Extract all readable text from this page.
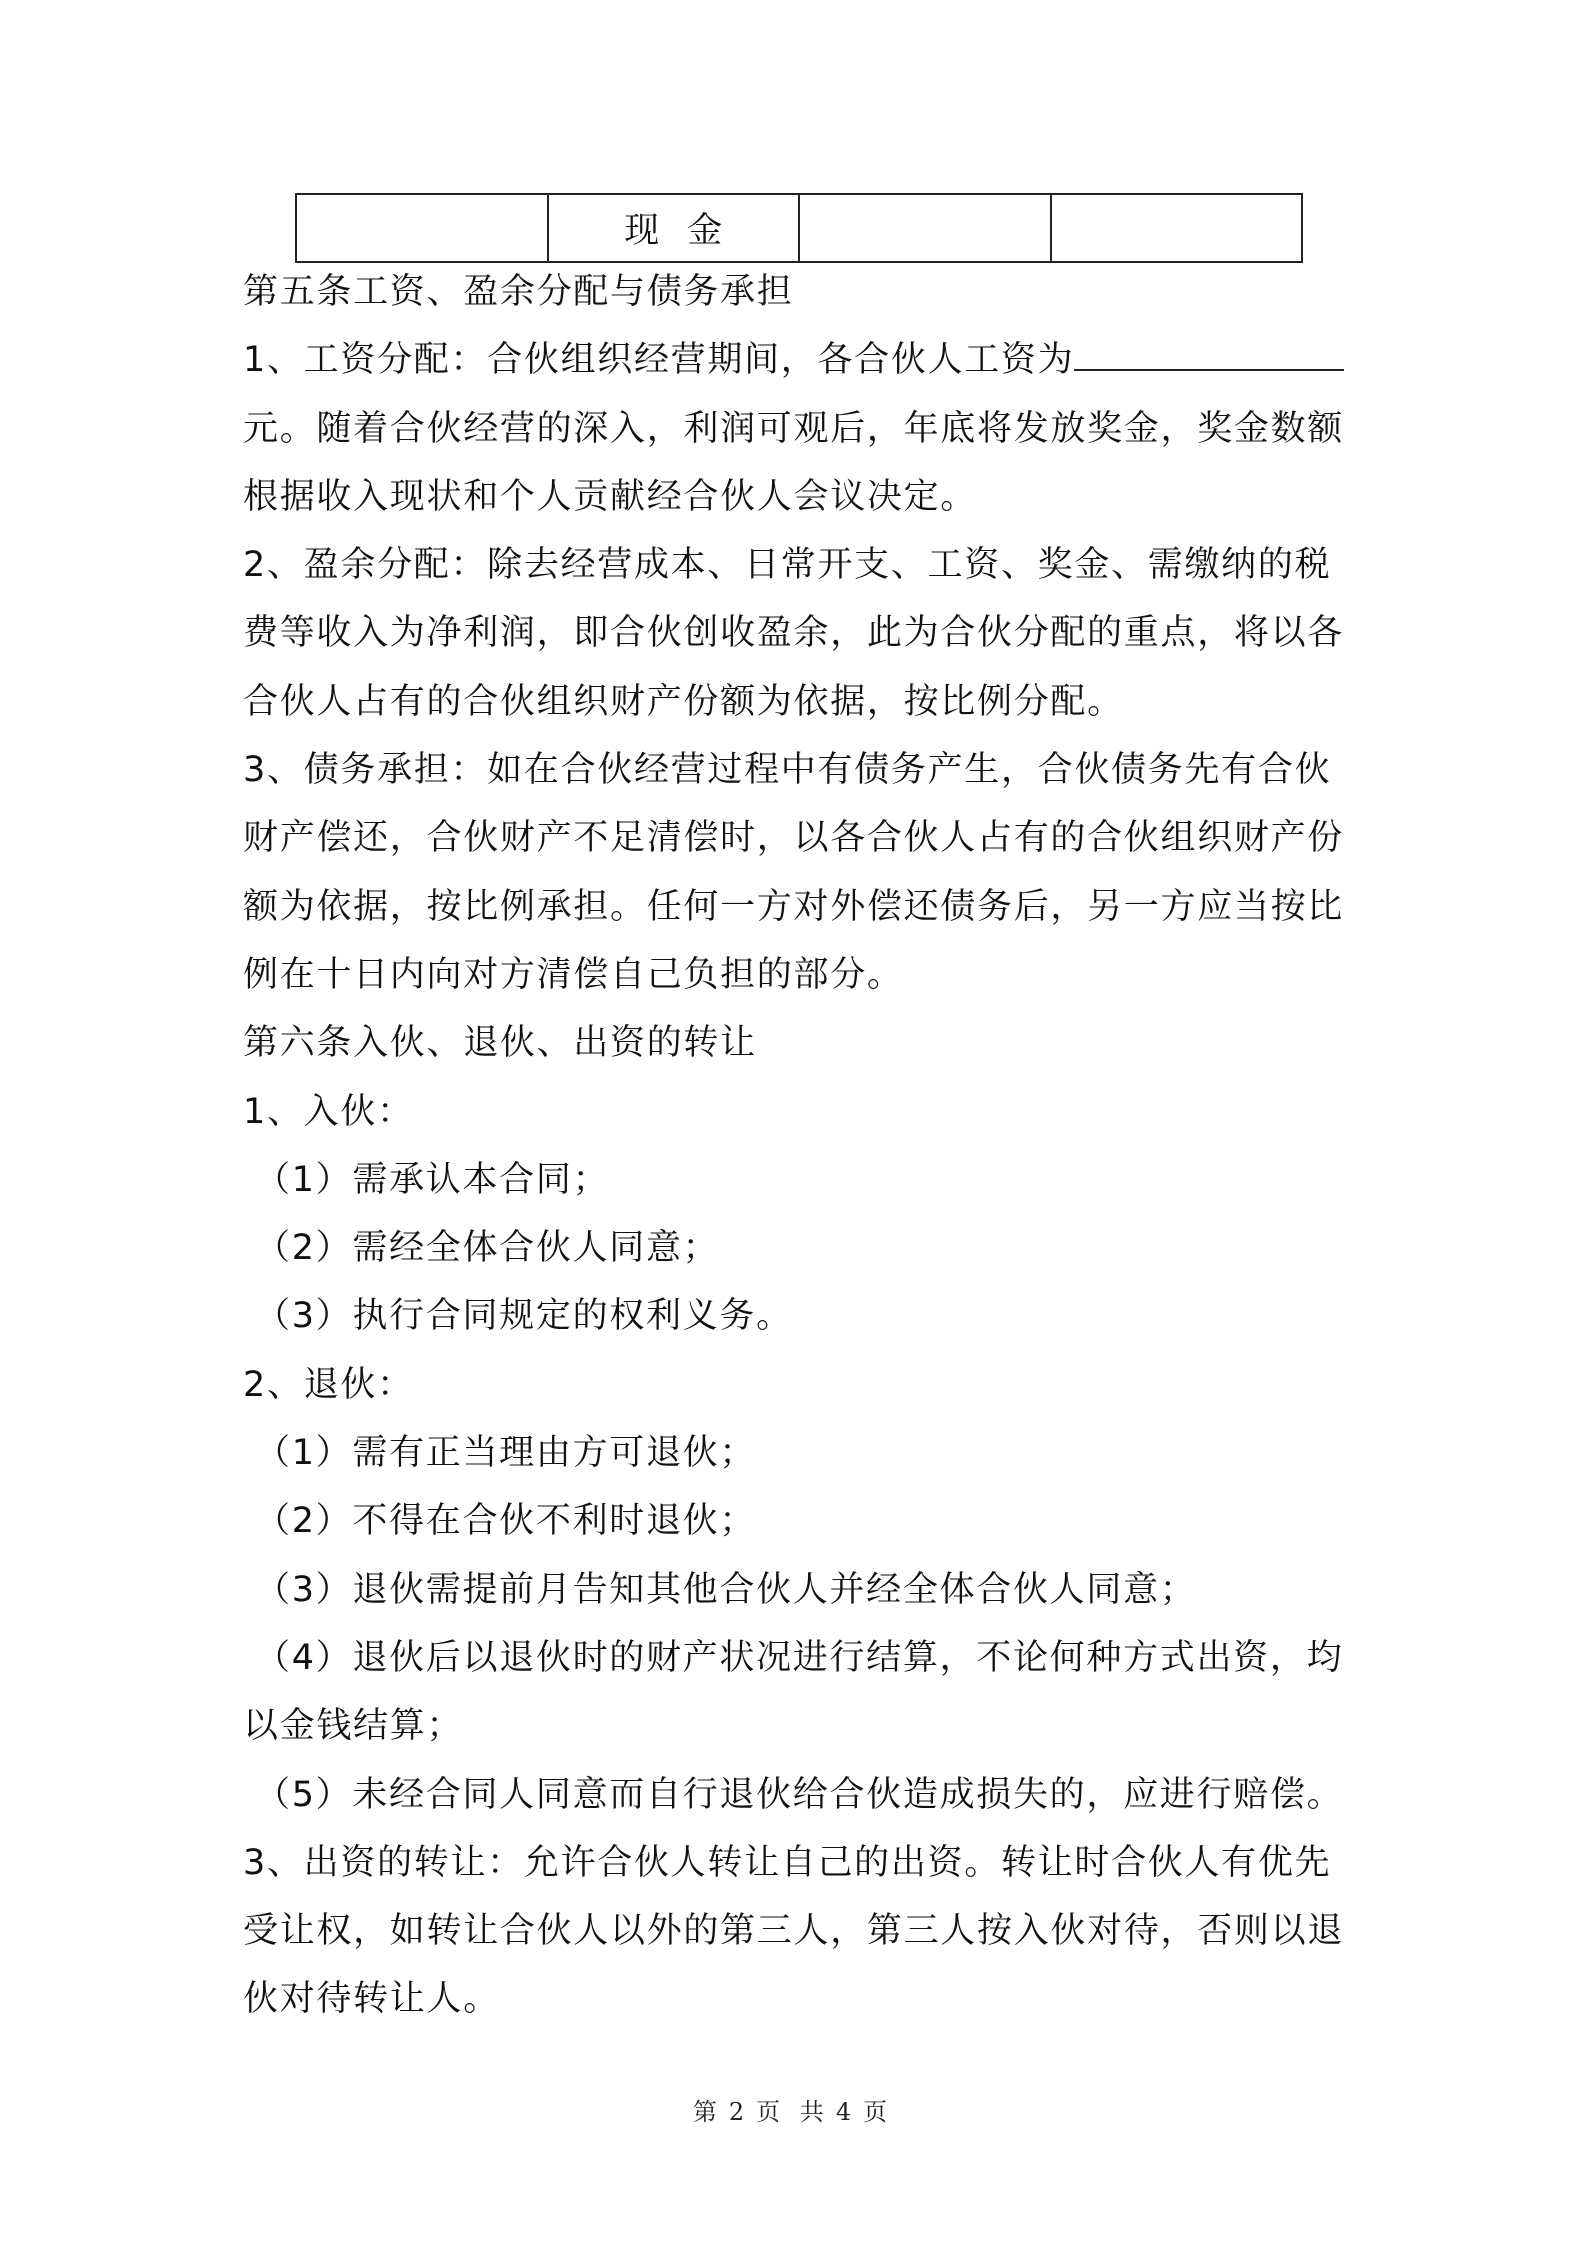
	现金		
第五条工资、盈余分配与债务承担
1、工资分配：合伙组织经营期间，各合伙人工资为
元。随着合伙经营的深入，利润可观后，年底将发放奖金，奖金数额
根据收入现状和个人贡献经合伙人会议决定。
2、盈余分配：除去经营成本、日常开支、工资、奖金、需缴纳的税
费等收入为净利润，即合伙创收盈余，此为合伙分配的重点，将以各
合伙人占有的合伙组织财产份额为依据，按比例分配。
3、债务承担：如在合伙经营过程中有债务产生，合伙债务先有合伙
财产偿还，合伙财产不足清偿时，以各合伙人占有的合伙组织财产份
额为依据，按比例承担。任何一方对外偿还债务后，另一方应当按比
例在十日内向对方清偿自己负担的部分。
第六条入伙、退伙、出资的转让
1、入伙：
（1）需承认本合同；
（2）需经全体合伙人同意；
（3）执行合同规定的权利义务。
2、退伙：
（1）需有正当理由方可退伙；
（2）不得在合伙不利时退伙；
（3）退伙需提前月告知其他合伙人并经全体合伙人同意；
（4）退伙后以退伙时的财产状况进行结算，不论何种方式出资，均
以金钱结算；
（5）未经合同人同意而自行退伙给合伙造成损失的，应进行赔偿。
3、出资的转让：允许合伙人转让自己的出资。转让时合伙人有优先
受让权，如转让合伙人以外的第三人，第三人按入伙对待，否则以退
伙对待转让人。
第 2 页 共 4 页
